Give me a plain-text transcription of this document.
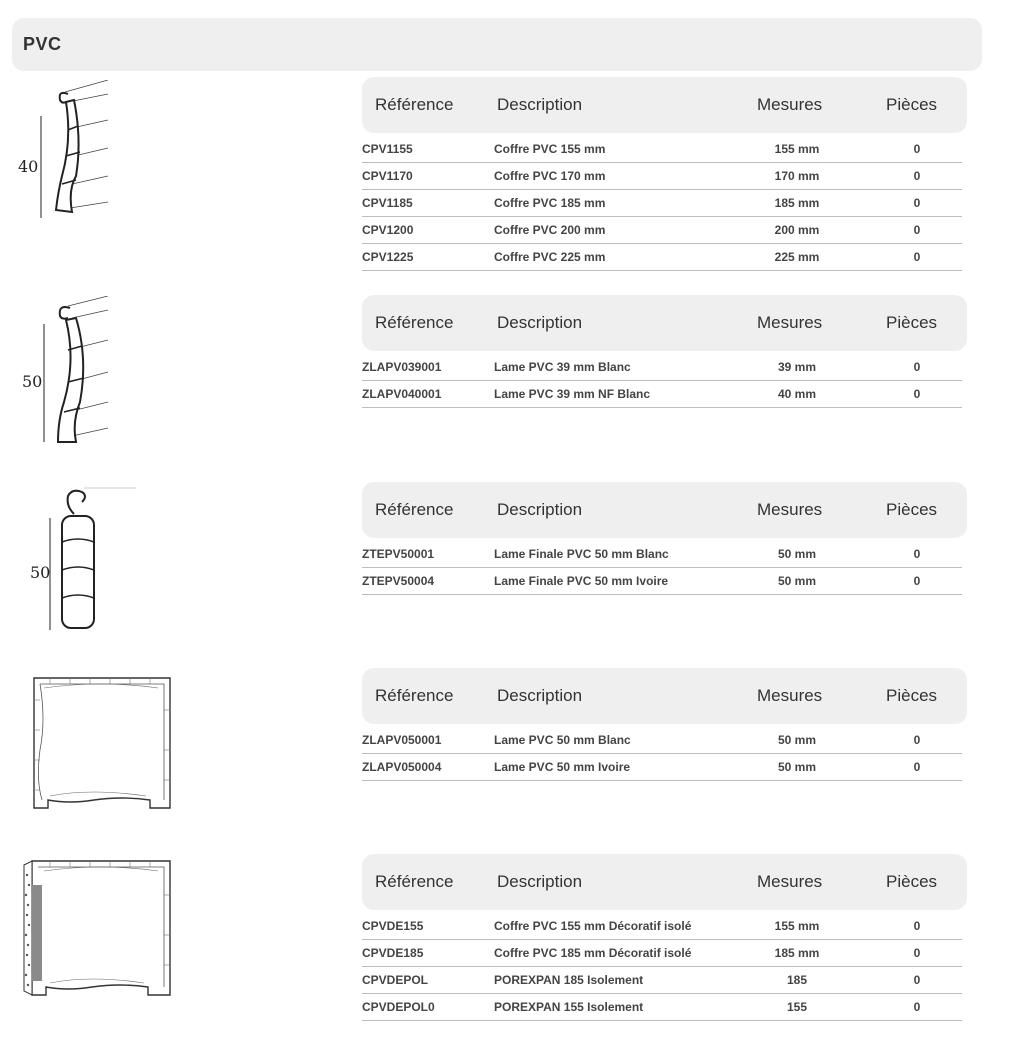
PVC
40
Référence	Description	Mesures	Pièces
CPV1155	Coffre PVC 155 mm	155 mm	0
CPV1170	Coffre PVC 170 mm	170 mm	0
CPV1185	Coffre PVC 185 mm	185 mm	0
CPV1200	Coffre PVC 200 mm	200 mm	0
CPV1225	Coffre PVC 225 mm	225 mm	0
50
Référence	Description	Mesures	Pièces
ZLAPV039001	Lame PVC 39 mm Blanc	39 mm	0
ZLAPV040001	Lame PVC 39 mm NF Blanc	40 mm	0
50
Référence	Description	Mesures	Pièces
ZTEPV50001	Lame Finale PVC 50 mm Blanc	50 mm	0
ZTEPV50004	Lame Finale PVC 50 mm Ivoire	50 mm	0
Référence	Description	Mesures	Pièces
ZLAPV050001	Lame PVC 50 mm Blanc	50 mm	0
ZLAPV050004	Lame PVC 50 mm Ivoire	50 mm	0
Référence	Description	Mesures	Pièces
CPVDE155	Coffre PVC 155 mm Décoratif isolé	155 mm	0
CPVDE185	Coffre PVC 185 mm Décoratif isolé	185 mm	0
CPVDEPOL	POREXPAN 185 Isolement	185	0
CPVDEPOL0	POREXPAN 155 Isolement	155	0
